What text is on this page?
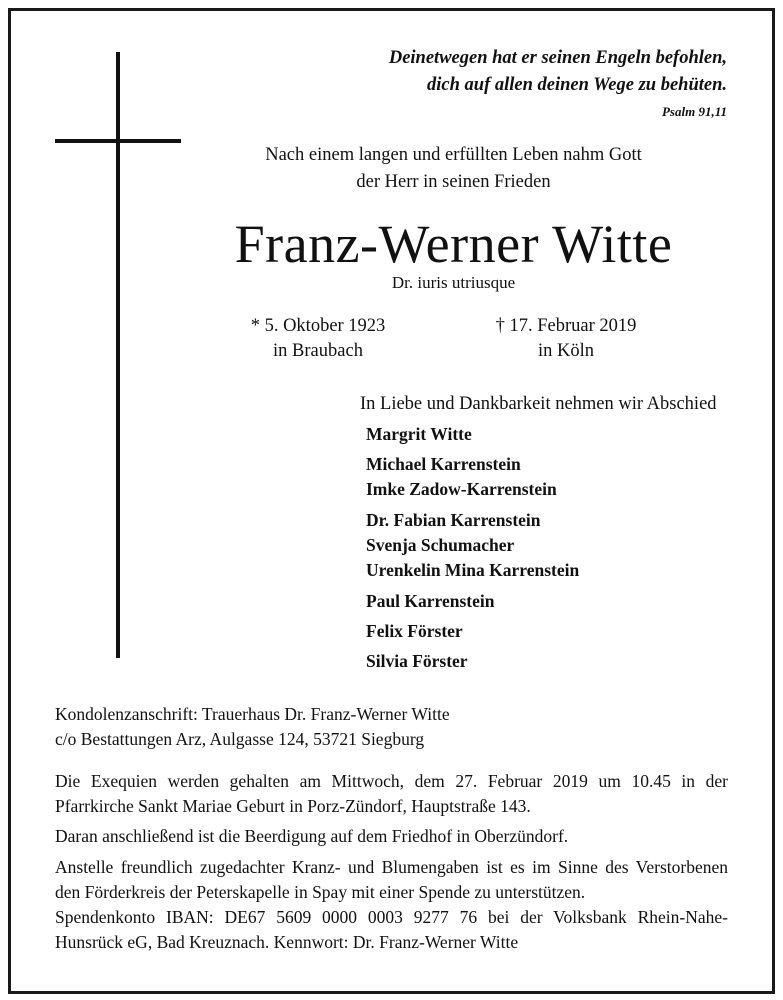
Deinetwegen hat er seinen Engeln befohlen,
dich auf allen deinen Wege zu behüten.
Psalm 91,11
Nach einem langen und erfüllten Leben nahm Gott
der Herr in seinen Frieden
Franz-Werner Witte
Dr. iuris utriusque
* 5. Oktober 1923
in Braubach
† 17. Februar 2019
in Köln
In Liebe und Dankbarkeit nehmen wir Abschied
Margrit Witte
Michael Karrenstein
Imke Zadow-Karrenstein
Dr. Fabian Karrenstein
Svenja Schumacher
Urenkelin Mina Karrenstein
Paul Karrenstein
Felix Förster
Silvia Förster
Kondolenzanschrift: Trauerhaus Dr. Franz-Werner Witte
c/o Bestattungen Arz, Aulgasse 124, 53721 Siegburg
Die Exequien werden gehalten am Mittwoch, dem 27. Februar 2019 um 10.45 in der
Pfarrkirche Sankt Mariae Geburt in Porz-Zündorf, Hauptstraße 143.
Daran anschließend ist die Beerdigung auf dem Friedhof in Oberzündorf.
Anstelle freundlich zugedachter Kranz- und Blumengaben ist es im Sinne des Verstorbenen
den Förderkreis der Peterskapelle in Spay mit einer Spende zu unterstützen.
Spendenkonto IBAN: DE67 5609 0000 0003 9277 76 bei der Volksbank Rhein-Nahe-
Hunsrück eG, Bad Kreuznach. Kennwort: Dr. Franz-Werner Witte
